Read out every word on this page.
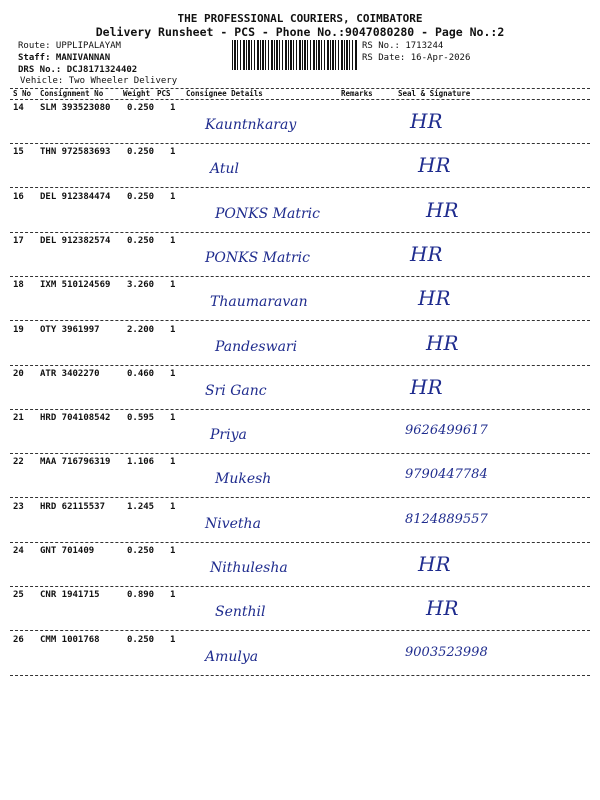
THE PROFESSIONAL COURIERS, COIMBATORE
Delivery Runsheet - PCS - Phone No.:9047080280 - Page No.:2
Route: UPPLIPALAYAM
Staff: MANIVANNAN
DRS No.: DCJ8171324402
Vehicle: Two Wheeler Delivery
RS No.: 1713244
RS Date: 16-Apr-2026
S No Consignment No	Weight PCS Consignee Details	Remarks	Seal & Signature
14 SLM 393523080 0.250 1
Kauntnkaray	HR
15 THN 972583693 0.250 1
Atul	HR
16 DEL 912384474 0.250 1
PONKS Matric	HR
17 DEL 912382574 0.250 1
PONKS Matric	HR
18 IXM 510124569 3.260 1
Thaumaravan	HR
19 OTY 3961997	2.200 1
Pandeswari	HR
20 ATR 3402270	0.460 1
Sri Ganc	HR
21 HRD 704108542 0.595 1
Priya	9626499617
22 MAA 716796319 1.106 1
Mukesh	9790447784
23 HRD 62115537 1.245 1
Nivetha	8124889557
24 GNT 701409	0.250 1
Nithulesha	HR
25 CNR 1941715	0.890 1
Senthil	HR
26 CMM 1001768	0.250 1
Amulya	9003523998
